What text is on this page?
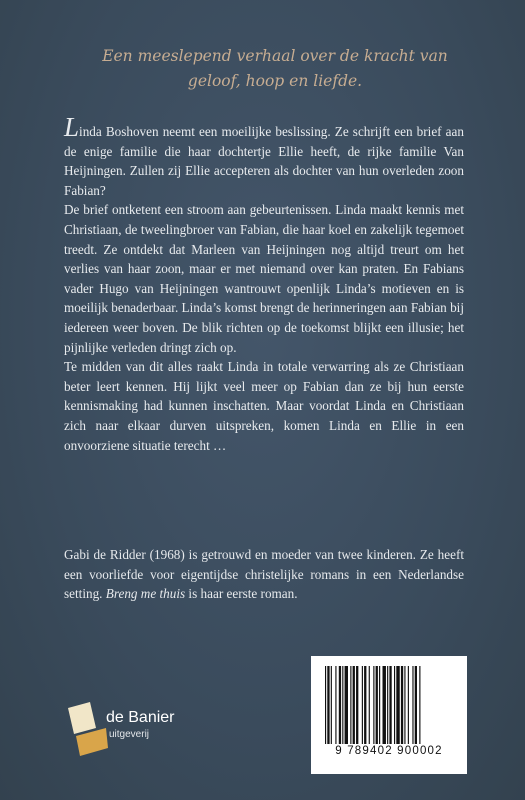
Een meeslepend verhaal over de kracht van
geloof, hoop en liefde.

Linda Boshoven neemt een moeilijke beslissing. Ze schrijft een brief aan de enige familie die haar dochtertje Ellie heeft, de rijke familie Van Heijningen. Zullen zij Ellie accepteren als dochter van hun overleden zoon Fabian?

De brief ontketent een stroom aan gebeurtenissen. Linda maakt kennis met Christiaan, de tweelingbroer van Fabian, die haar koel en zakelijk tegemoet treedt. Ze ontdekt dat Marleen van Heijningen nog altijd treurt om het verlies van haar zoon, maar er met niemand over kan praten. En Fabians vader Hugo van Heijningen wantrouwt openlijk Linda’s motieven en is moeilijk benaderbaar. Linda’s komst brengt de herinneringen aan Fabian bij iedereen weer boven. De blik richten op de toekomst blijkt een illusie; het pijnlijke verleden dringt zich op.

Te midden van dit alles raakt Linda in totale verwarring als ze Christiaan beter leert kennen. Hij lijkt veel meer op Fabian dan ze bij hun eerste kennismaking had kunnen inschatten. Maar voordat Linda en Christiaan zich naar elkaar durven uitspreken, komen Linda en Ellie in een onvoorziene situatie terecht …

Gabi de Ridder (1968) is getrouwd en moeder van twee kinderen. Ze heeft een voorliefde voor eigentijdse christelijke romans in een Nederlandse setting. Breng me thuis is haar eerste roman.

de Banier
uitgeverij
9 789402 900002
